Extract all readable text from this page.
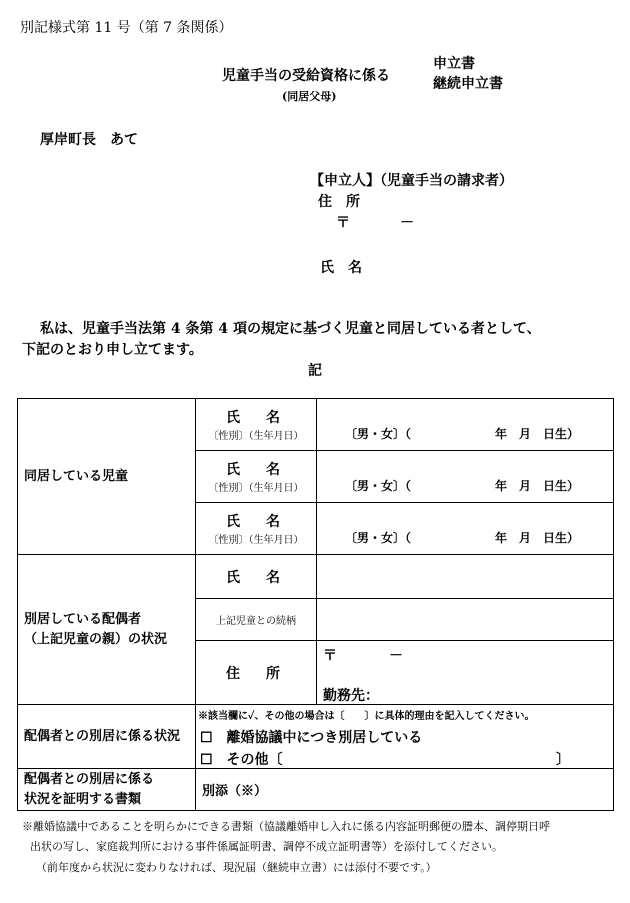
別記様式第 11 号（第 7 条関係）
児童手当の受給資格に係る
(同居父母)
申立書
継続申立書
厚岸町長　あて
【申立人】（児童手当の請求者）
住　所
〒	－
氏　名
私は、児童手当法第 4 条第 4 項の規定に基づく児童と同居している者として、
下記のとおり申し立てます。
記
同居している児童	氏　名
〔性別〕（生年月日）	〔男・女〕（ 年　月　日生）

	氏　名
〔性別〕（生年月日）	〔男・女〕（ 年　月　日生）

	氏　名
〔性別〕（生年月日）	〔男・女〕（ 年　月　日生）

別居している配偶者
（上記児童の親）の状況	氏　名	

	上記児童との続柄	

	住　所	〒 －
勤務先：

配偶者との別居に係る状況	※該当欄に✓、その他の場合は〔　　〕に具体的理由を記入してください。
☐　離婚協議中につき別居している
☐　その他〔 〕	

配偶者との別居に係る
状況を証明する書類	別添（※）	
※離婚協議中であることを明らかにできる書類（協議離婚申し入れに係る内容証明郵便の謄本、調停期日呼
出状の写し、家庭裁判所における事件係属証明書、調停不成立証明書等）を添付してください。
（前年度から状況に変わりなければ、現況届（継続申立書）には添付不要です。）
